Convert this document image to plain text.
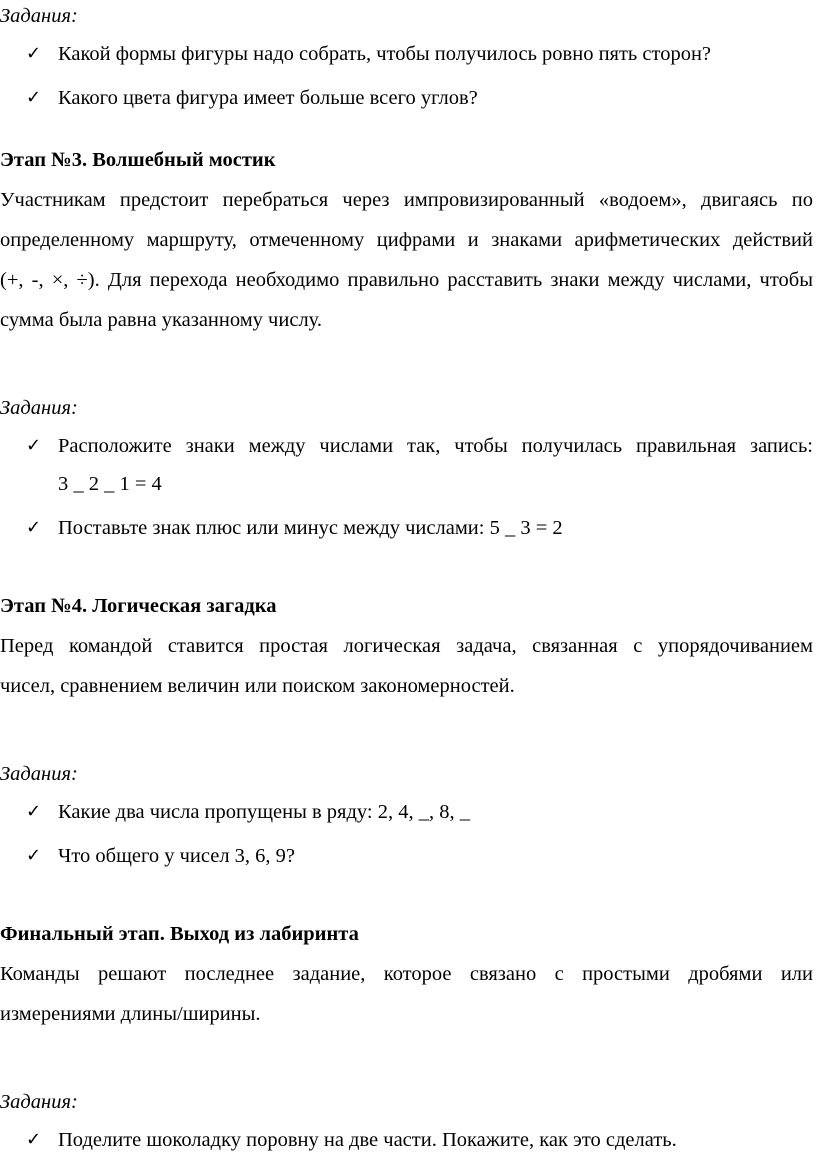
Задания:
✓ Какой формы фигуры надо собрать, чтобы получилось ровно пять сторон?
✓ Какого цвета фигура имеет больше всего углов?
Этап №3. Волшебный мостик
Участникам предстоит перебраться через импровизированный «водоем», двигаясь по
определенному маршруту, отмеченному цифрами и знаками арифметических действий
(+, -, ×, ÷). Для перехода необходимо правильно расставить знаки между числами, чтобы
сумма была равна указанному числу.
Задания:
✓ Расположите знаки между числами так, чтобы получилась правильная запись:
3 _ 2 _ 1 = 4
✓ Поставьте знак плюс или минус между числами: 5 _ 3 = 2
Этап №4. Логическая загадка
Перед командой ставится простая логическая задача, связанная с упорядочиванием
чисел, сравнением величин или поиском закономерностей.
Задания:
✓ Какие два числа пропущены в ряду: 2, 4, _, 8, _
✓ Что общего у чисел 3, 6, 9?
Финальный этап. Выход из лабиринта
Команды решают последнее задание, которое связано с простыми дробями или
измерениями длины/ширины.
Задания:
✓ Поделите шоколадку поровну на две части. Покажите, как это сделать.
